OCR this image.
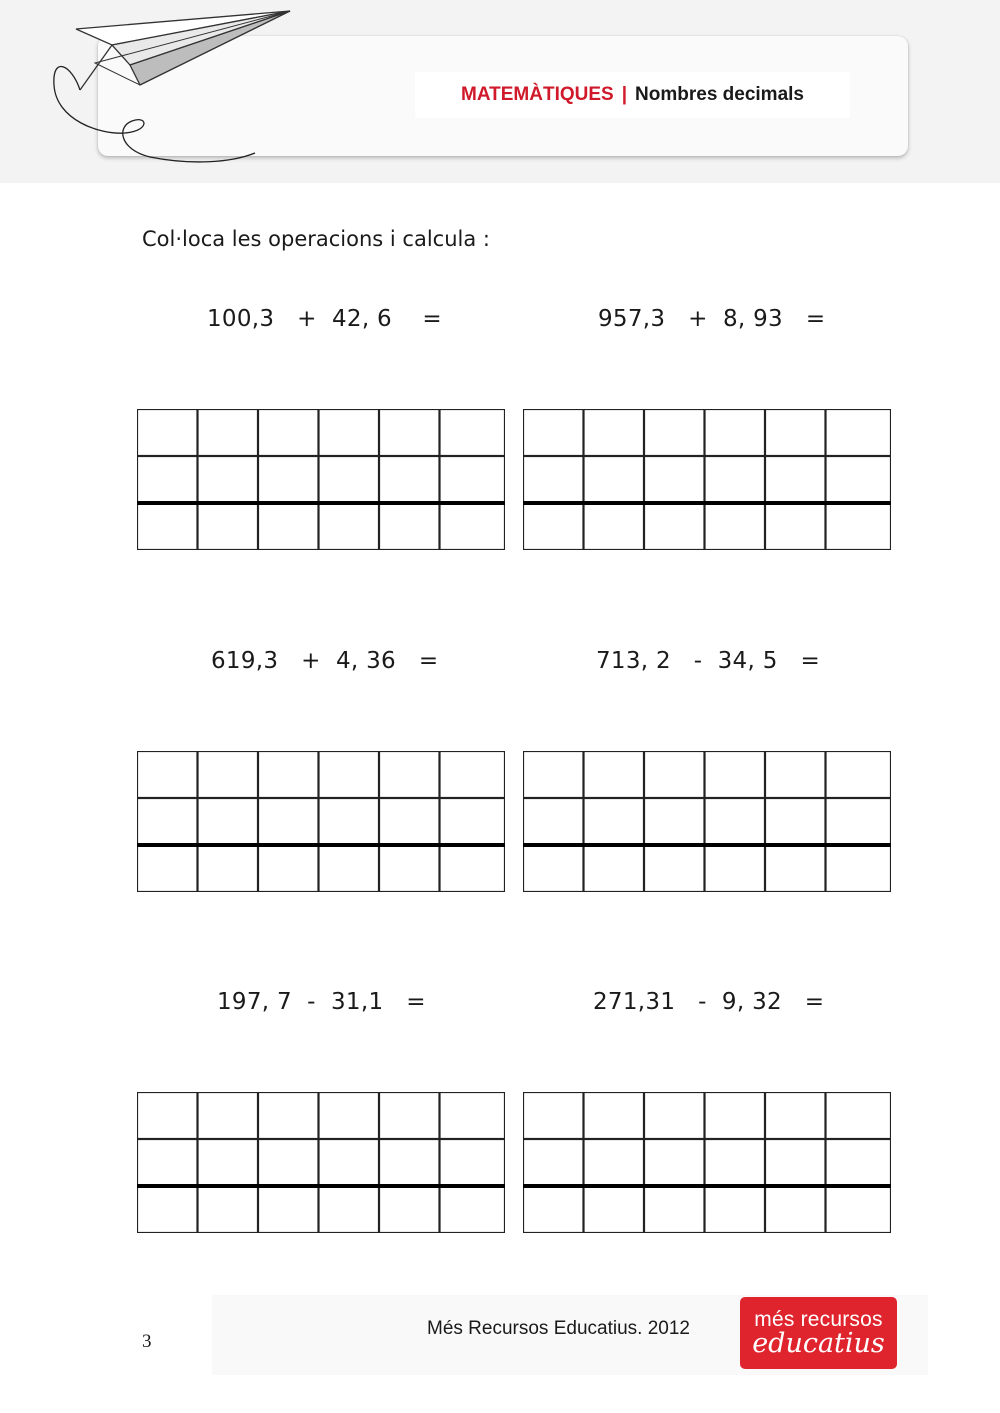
MATEMÀTIQUES | Nombres decimals
Col·loca les operacions i calcula :
100,3   +  42, 6    =	957,3   +  8, 93   =
619,3   +  4, 36   =	713, 2   -  34, 5   =
197, 7  -  31,1   =	271,31   -  9, 32   =
Més Recursos Educatius. 2012
3
més recursos
educatius
